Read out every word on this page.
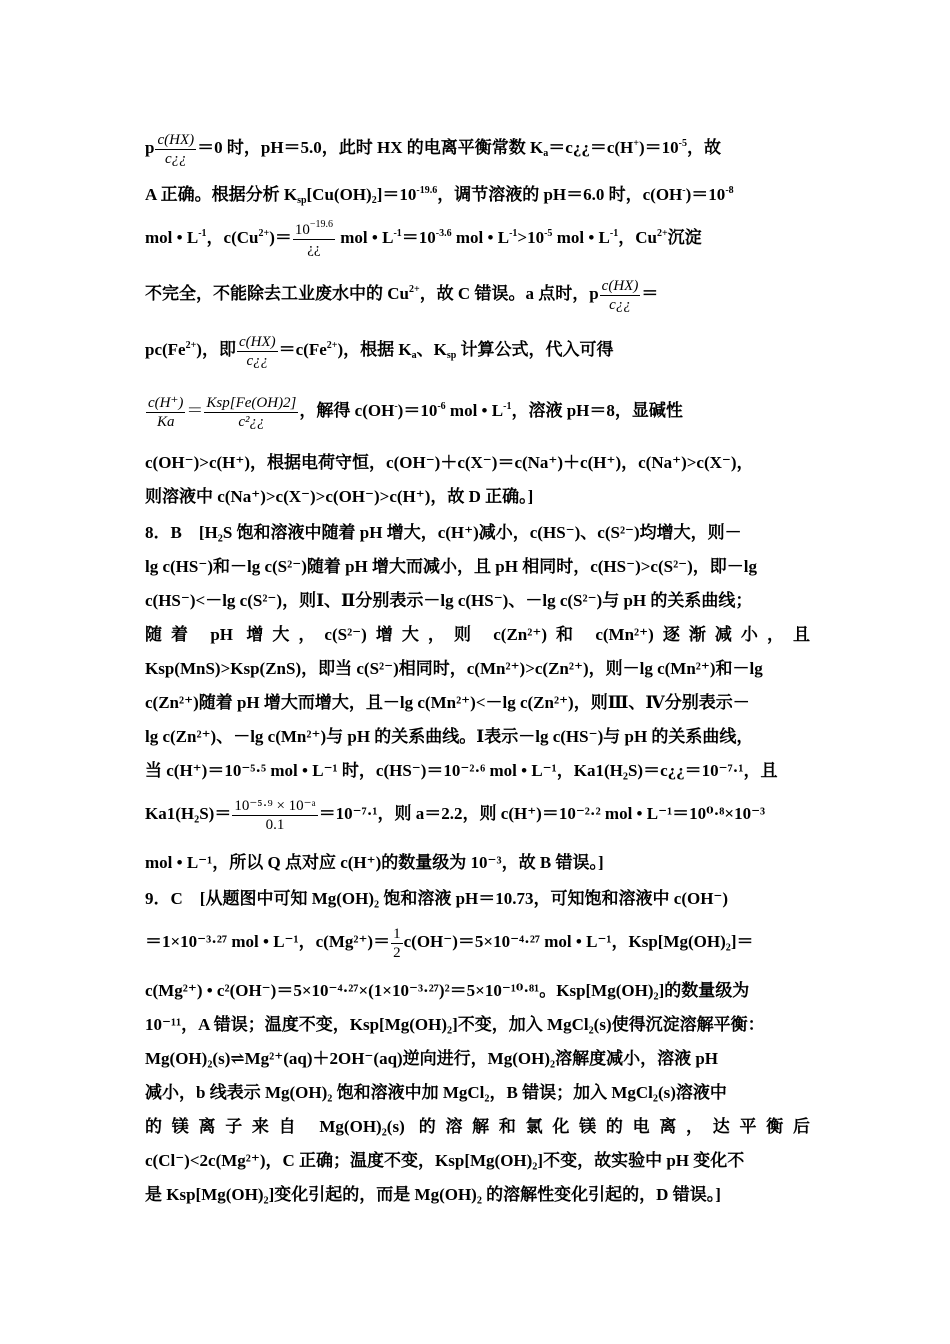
p $\frac{c(HX)}{c¿¿} =0$ 时，pH＝5.0，此时 HX 的电离平衡常数 $K_a=c¿¿=c(H^+)=10^{-5}$，故
A 正确。根据分析 $K_{sp}[Cu(OH)_2]=10^{-19.6}$，调节溶液的 pH＝6.0 时，$c(OH^-)=10^{-8}$
mol • $L^{-1}$，$c(Cu^{2+})= \frac{10^{-19.6}}{¿¿}$ mol • $L^{-1}=10^{-3.6}$ mol • $L^{-1}>10^{-5}$ mol • $L^{-1}$，$Cu^{2+}$沉淀
不完全，不能除去工业废水中的 $Cu^{2+}$，故 C 错误。a 点时，p $\frac{c(HX)}{c¿¿}$ ＝
$pc(Fe^{2+})$，即 $\frac{c(HX)}{c¿¿} =c(Fe^{2+})$，根据 $K_a$、$K_{sp}$ 计算公式，代入可得
$\frac{c(H^+)}{Ka} = \frac{\text{Ksp[Fe(OH)2]}}{\text{c²¿¿}}$ ，解得 $c(OH^-)=10^{-6}$ mol • $L^{-1}$，溶液 pH＝8，显碱性
c(OH⁻)>c(H⁺)，根据电荷守恒，c(OH⁻)＋c(X⁻)＝c(Na⁺)＋c(H⁺)，c(Na⁺)>c(X⁻)，
则溶液中 c(Na⁺)>c(X⁻)>c(OH⁻)>c(H⁺)，故 D 正确。]
8．B　[H₂S 饱和溶液中随着 pH 增大，c(H⁺)减小，c(HS⁻)、c(S²⁻)均增大，则－
lg c(HS⁻)和－lg c(S²⁻)随着 pH 增大而减小，且 pH 相同时，c(HS⁻)>c(S²⁻)，即－lg
c(HS⁻)<－lg c(S²⁻)，则Ⅰ、Ⅱ分别表示－lg c(HS⁻)、－lg c(S²⁻)与 pH 的关系曲线；
随着 pH 增大，c(S²⁻)增大，则 c(Zn²⁺)和 c(Mn²⁺)逐渐减小，且
Ksp(MnS)>Ksp(ZnS)，即当 c(S²⁻)相同时，c(Mn²⁺)>c(Zn²⁺)，则－lg c(Mn²⁺)和－lg
c(Zn²⁺)随着 pH 增大而增大，且－lg c(Mn²⁺)<－lg c(Zn²⁺)，则Ⅲ、Ⅳ分别表示－
lg c(Zn²⁺)、－lg c(Mn²⁺)与 pH 的关系曲线。Ⅰ表示－lg c(HS⁻)与 pH 的关系曲线，
当 c(H⁺)＝10⁻⁵·⁵ mol • L⁻¹ 时，c(HS⁻)＝10⁻²·⁶ mol • L⁻¹，Ka1(H₂S)＝c¿¿＝10⁻⁷·¹，且
$Ka1(H_2S)= \frac{\text{10⁻⁵·⁹ × 10⁻ᵃ}}{0.1} =10^{-7}\cdot^1$，则 a＝2.2，则 c(H⁺)＝10⁻²·² mol • L⁻¹＝10⁰·⁸×10⁻³
mol • L⁻¹，所以 Q 点对应 c(H⁺)的数量级为 10⁻³，故 B 错误。]
9．C　[从题图中可知 Mg(OH)₂ 饱和溶液 pH＝10.73，可知饱和溶液中 c(OH⁻)
＝1×10⁻³·²⁷ mol • L⁻¹，$c(Mg^{2+})= \frac{1}{2} c(OH^-)=5\times 10^{-4}\cdot^{27}$ mol • L⁻¹，Ksp[Mg(OH)₂]＝
c(Mg²⁺) • c²(OH⁻)＝5×10⁻⁴·²⁷×(1×10⁻³·²⁷)²＝5×10⁻¹⁰·⁸¹。Ksp[Mg(OH)₂]的数量级为
10⁻¹¹，A 错误；温度不变，Ksp[Mg(OH)₂]不变，加入 MgCl₂(s)使得沉淀溶解平衡：
Mg(OH)₂(s)⇌Mg²⁺(aq)＋2OH⁻(aq)逆向进行，Mg(OH)₂溶解度减小，溶液 pH
减小，b 线表示 Mg(OH)₂ 饱和溶液中加 MgCl₂，B 错误；加入 MgCl₂(s)溶液中
的镁离子来自 Mg(OH)₂(s) 的溶解和氯化镁的电离，达平衡后
c(Cl⁻)<2c(Mg²⁺)，C 正确；温度不变，Ksp[Mg(OH)₂]不变，故实验中 pH 变化不
是 Ksp[Mg(OH)₂]变化引起的，而是 Mg(OH)₂ 的溶解性变化引起的，D 错误。]
